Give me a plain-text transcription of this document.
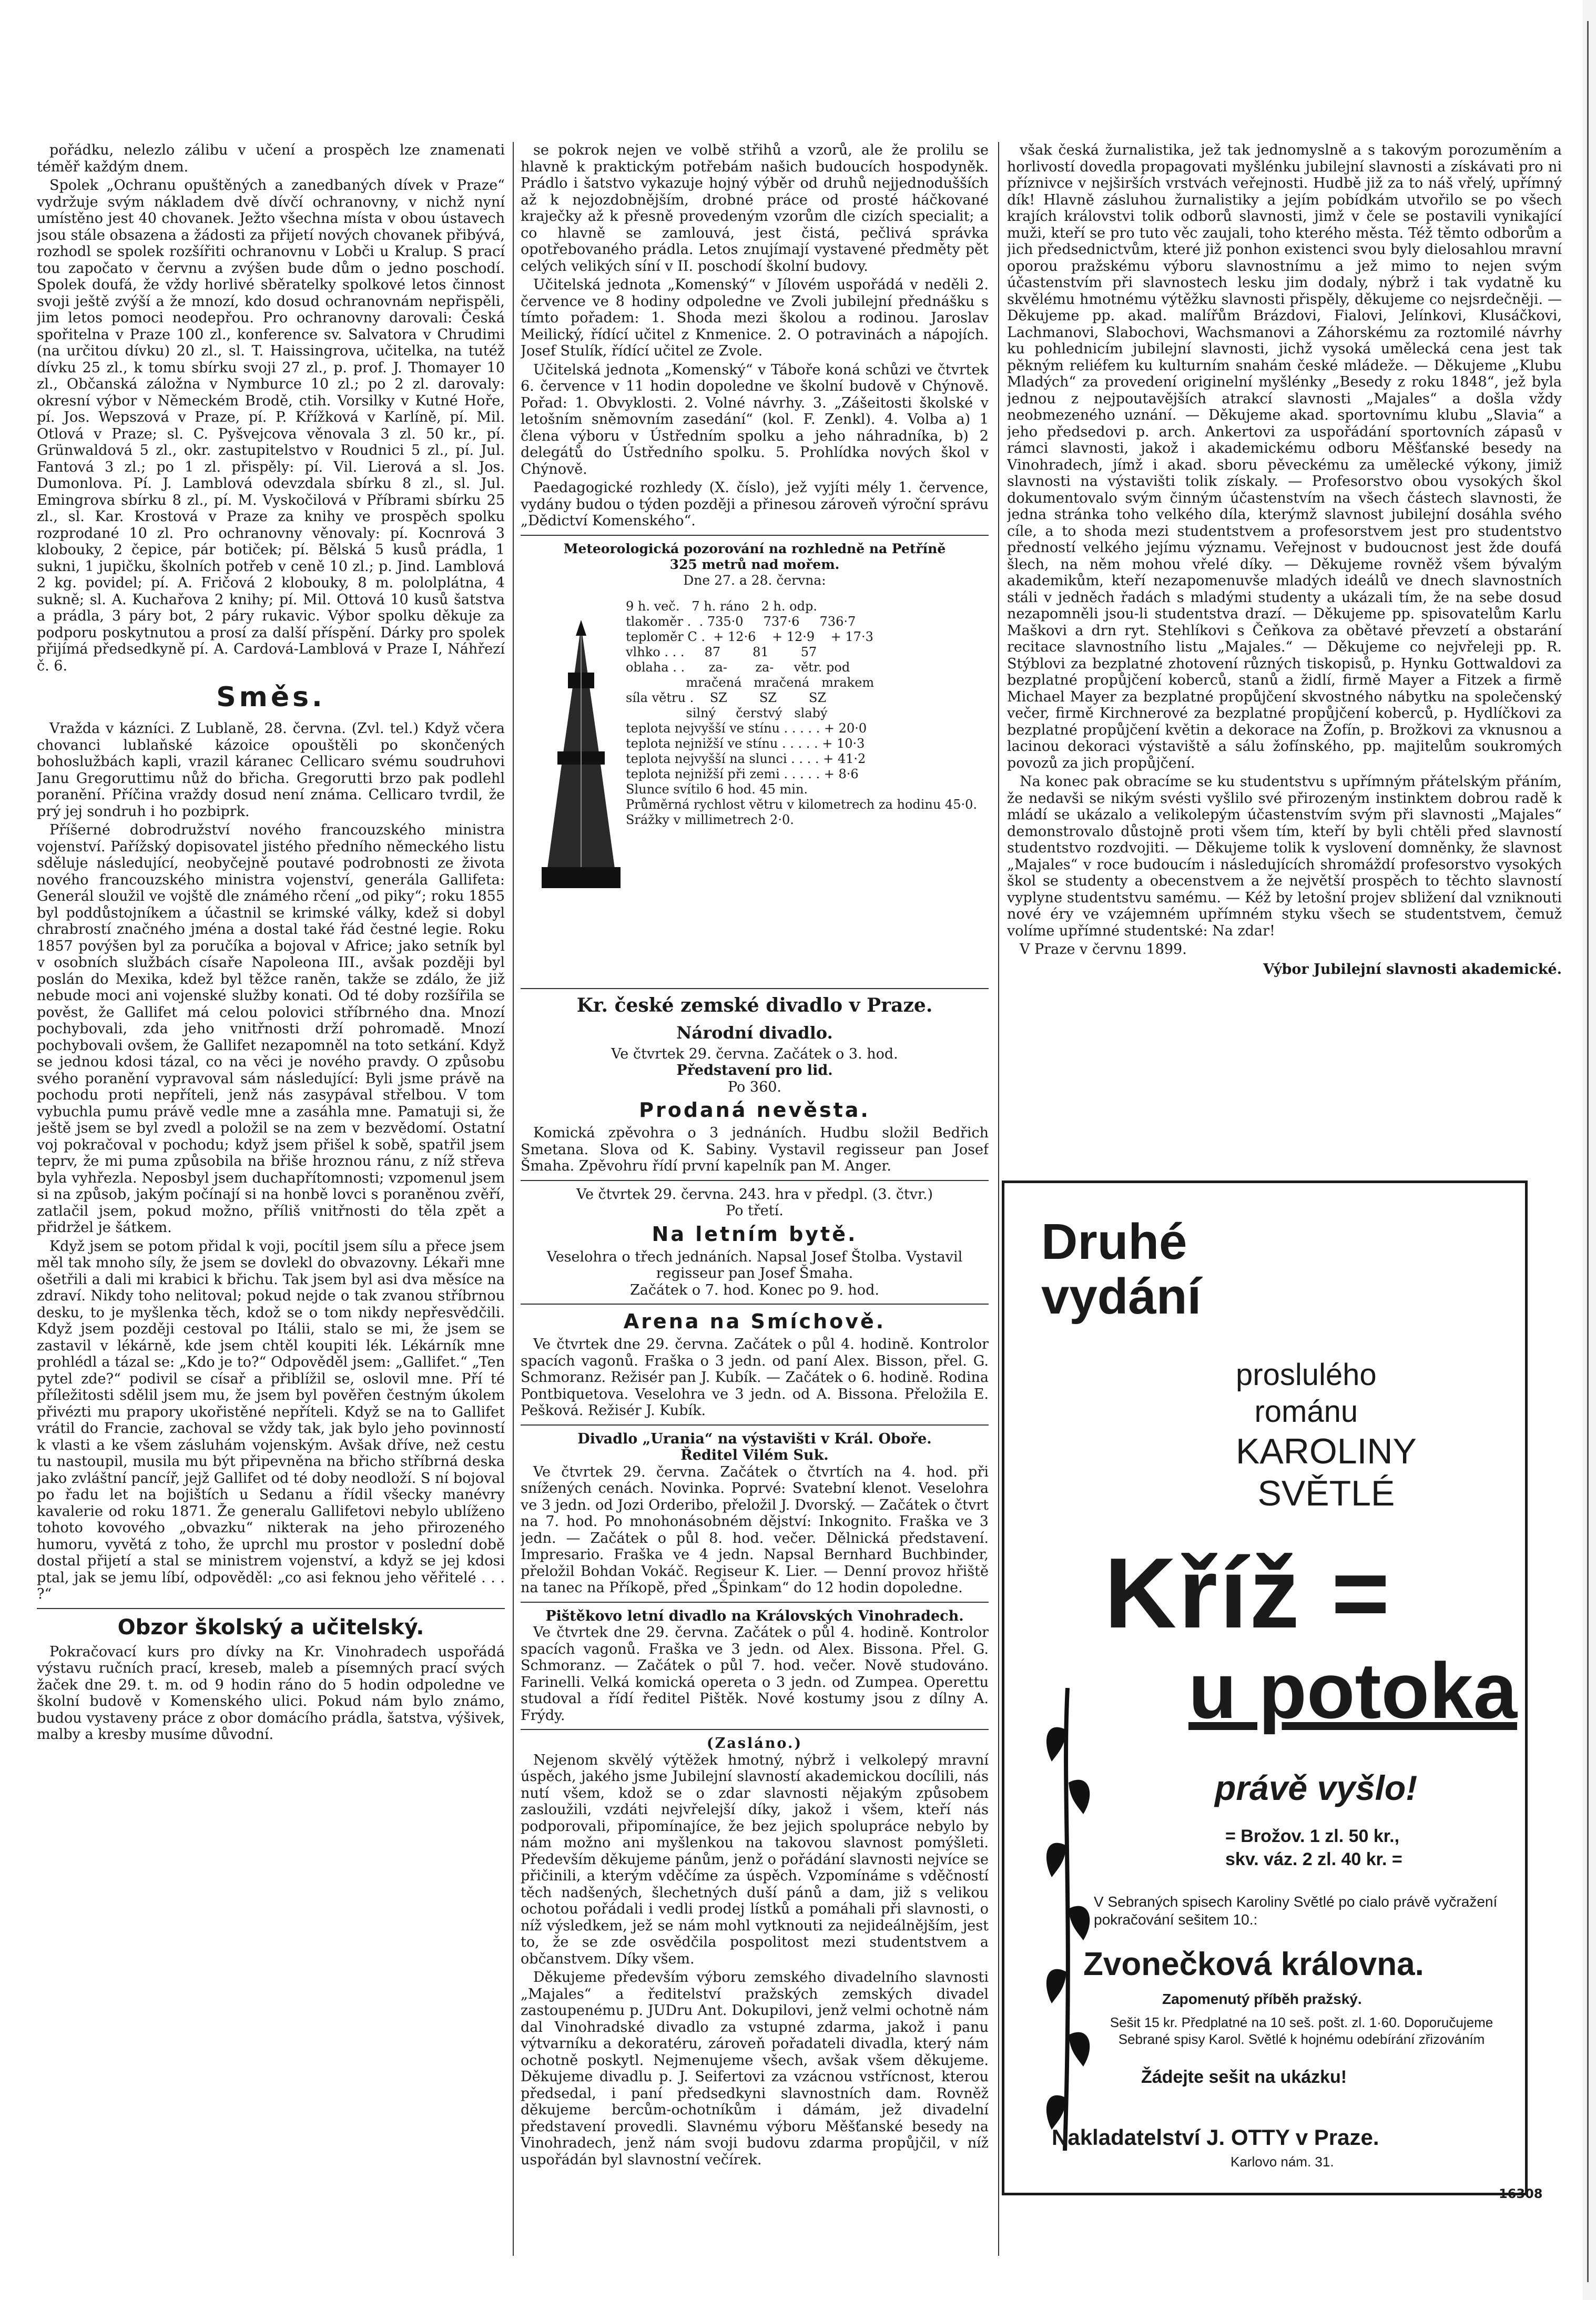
pořádku, nelezlo zálibu v učení a prospěch lze znamenati téměř každým dnem.

Spolek „Ochranu opuštěných a zanedbaných dívek v Praze“ vydržuje svým nákladem dvě dívčí ochranovny, v nichž nyní umístěno jest 40 chovanek. Ježto všechna místa v obou ústavech jsou stále obsazena a žádosti za přijetí nových chovanek přibývá, rozhodl se spolek rozšířiti ochranovnu v Lobči u Kralup. S prací tou započato v červnu a zvýšen bude dům o jedno poschodí. Spolek doufá, že vždy horlivé sběratelky spolkové letos činnost svoji ještě zvýší a že mnozí, kdo dosud ochranovnám nepřispěli, jim letos pomoci neodepřou. Pro ochranovny darovali: Česká spořitelna v Praze 100 zl., konference sv. Salvatora v Chrudimi (na určitou dívku) 20 zl., sl. T. Haissingrova, učitelka, na tutéž dívku 25 zl., k tomu sbírku svoji 27 zl., p. prof. J. Thomayer 10 zl., Občanská záložna v Nymburce 10 zl.; po 2 zl. darovaly: okresní výbor v Německém Brodě, ctih. Vorsilky v Kutné Hoře, pí. Jos. Wepszová v Praze, pí. P. Křížková v Karlíně, pí. Mil. Otlová v Praze; sl. C. Pyšvejcova věnovala 3 zl. 50 kr., pí. Grünwaldová 5 zl., okr. zastupitelstvo v Roudnici 5 zl., pí. Jul. Fantová 3 zl.; po 1 zl. přispěly: pí. Vil. Lierová a sl. Jos. Dumonlova. Pí. J. Lamblová odevzdala sbírku 8 zl., sl. Jul. Emingrova sbírku 8 zl., pí. M. Vyskočilová v Příbrami sbírku 25 zl., sl. Kar. Krostová v Praze za knihy ve prospěch spolku rozprodané 10 zl. Pro ochranovny věnovaly: pí. Kocnrová 3 klobouky, 2 čepice, pár botiček; pí. Bělská 5 kusů prádla, 1 sukni, 1 jupičku, školních potřeb v ceně 10 zl.; p. Jind. Lamblová 2 kg. povidel; pí. A. Fričová 2 klobouky, 8 m. pololplátna, 4 sukně; sl. A. Kuchařova 2 knihy; pí. Mil. Ottová 10 kusů šatstva a prádla, 3 páry bot, 2 páry rukavic. Výbor spolku děkuje za podporu poskytnutou a prosí za další příspění. Dárky pro spolek přijímá předsedkyně pí. A. Cardová-Lamblová v Praze I, Náhřezí č. 6.

Směs.

Vražda v kázníci. Z Lublaně, 28. června. (Zvl. tel.) Když včera chovanci lublaňské kázoice opouštěli po skončených bohoslužbách kapli, vrazil káranec Cellicaro svému soudruhovi Janu Gregoruttimu nůž do břicha. Gregorutti brzo pak podlehl poranění. Příčina vraždy dosud není známa. Cellicaro tvrdil, že prý jej sondruh i ho pozbiprk.

Příšerné dobrodružství nového francouzského ministra vojenství. Pařížský dopisovatel jistého předního německého listu sděluje následující, neobyčejně poutavé podrobnosti ze života nového francouzského ministra vojenství, generála Gallifeta: Generál sloužil ve vojště dle známého rčení „od piky“; roku 1855 byl poddůstojníkem a účastnil se krimské války, kdež si dobyl chrabrostí značného jména a dostal také řád čestné legie. Roku 1857 povýšen byl za poručíka a bojoval v Africe; jako setník byl v osobních službách císaře Napoleona III., avšak později byl poslán do Mexika, kdež byl těžce raněn, takže se zdálo, že již nebude moci ani vojenské služby konati. Od té doby rozšířila se pověst, že Gallifet má celou polovici stříbrného dna. Mnozí pochybovali, zda jeho vnitřnosti drží pohromadě. Mnozí pochybovali ovšem, že Gallifet nezapomněl na toto setkání. Když se jednou kdosi tázal, co na věci je nového pravdy. O způsobu svého poranění vypravoval sám následující: Byli jsme právě na pochodu proti nepříteli, jenž nás zasypával střelbou. V tom vybuchla pumu právě vedle mne a zasáhla mne. Pamatuji si, že ještě jsem se byl zvedl a položil se na zem v bezvědomí. Ostatní voj pokračoval v pochodu; když jsem přišel k sobě, spatřil jsem teprv, že mi puma způsobila na břiše hroznou ránu, z níž střeva byla vyhřezla. Neposbyl jsem duchapřítomnosti; vzpomenul jsem si na způsob, jakým počínají si na honbě lovci s poraněnou zvěří, zatlačil jsem, pokud možno, příliš vnitřnosti do těla zpět a přidržel je šátkem.

Když jsem se potom přidal k voji, pocítil jsem sílu a přece jsem měl tak mnoho síly, že jsem se dovlekl do obvazovny. Lékaři mne ošetřili a dali mi krabici k břichu. Tak jsem byl asi dva měsíce na zdraví. Nikdy toho nelitoval; pokud nejde o tak zvanou stříbrnou desku, to je myšlenka těch, kdož se o tom nikdy nepřesvědčili. Když jsem později cestoval po Itálii, stalo se mi, že jsem se zastavil v lékárně, kde jsem chtěl koupiti lék. Lékárník mne prohlédl a tázal se: „Kdo je to?“ Odpověděl jsem: „Gallifet.“ „Ten pytel zde?“ podivil se císař a přiblížil se, oslovil mne. Pří té příležitosti sdělil jsem mu, že jsem byl pověřen čestným úkolem přivézti mu prapory ukořistěné nepříteli. Když se na to Gallifet vrátil do Francie, zachoval se vždy tak, jak bylo jeho povinností k vlasti a ke všem zásluhám vojenským. Avšak dříve, než cestu tu nastoupil, musila mu být připevněna na břicho stříbrná deska jako zvláštní pancíř, jejž Gallifet od té doby neodloží. S ní bojoval po řadu let na bojištích u Sedanu a řídil všecky manévry kavalerie od roku 1871. Že generalu Gallifetovi nebylo ublíženo tohoto kovového „obvazku“ nikterak na jeho přirozeného humoru, vyvětá z toho, že uprchl mu prostor v poslední době dostal přijetí a stal se ministrem vojenství, a když se jej kdosi ptal, jak se jemu líbí, odpověděl: „co asi feknou jeho věřitelé . . . ?“

Obzor školský a učitelský.

Pokračovací kurs pro dívky na Kr. Vinohradech uspořádá výstavu ručních prací, kreseb, maleb a písemných prací svých žaček dne 29. t. m. od 9 hodin ráno do 5 hodin odpoledne ve školní budově v Komenského ulici. Pokud nám bylo známo, budou vystaveny práce z obor domácího prádla, šatstva, výšivek, malby a kresby musíme důvodní.

se pokrok nejen ve volbě střihů a vzorů, ale že prolilu se hlavně k praktickým potřebám našich budoucích hospodyněk. Prádlo i šatstvo vykazuje hojný výběr od druhů nejjednodušších až k nejozdobnějším, drobné práce od prosté háčkované kraječky až k přesně provedeným vzorům dle cizích specialit; a co hlavně se zamlouvá, jest čistá, pečlivá správka opotřebovaného prádla. Letos znujímají vystavené předměty pět celých velikých síní v II. poschodí školní budovy.

Učitelská jednota „Komenský“ v Jílovém uspořádá v neděli 2. července ve 8 hodiny odpoledne ve Zvoli jubilejní přednášku s tímto pořadem: 1. Shoda mezi školou a rodinou. Jaroslav Meilický, řídící učitel z Knmenice. 2. O potravinách a nápojích. Josef Stulík, řídící učitel ze Zvole.

Učitelská jednota „Komenský“ v Táboře koná schůzi ve čtvrtek 6. července v 11 hodin dopoledne ve školní budově v Chýnově. Pořad: 1. Obvyklosti. 2. Volné návrhy. 3. „Zášeitosti školské v letošním sněmovním zasedání“ (kol. F. Zenkl). 4. Volba a) 1 člena výboru v Ústředním spolku a jeho náhradníka, b) 2 delegátů do Ústředního spolku. 5. Prohlídka nových škol v Chýnově.

Paedagogické rozhledy (X. číslo), jež vyjíti mély 1. července, vydány budou o týden později a přinesou zároveň výroční správu „Dědictví Komenského“.

Meteorologická pozorování na rozhledně na Petříně
325 metrů nad mořem.
Dne 27. a 28. června:
9 h. več.   7 h. ráno   2 h. odp.
tlakoměr .  . 735·0     737·6     736·7
teploměr C .  + 12·6    + 12·9    + 17·3
vlhko . . .     87        81        57
oblaha . .      za-       za-     větr. pod
mračená   mračená   mrakem
síla větru .    SZ        SZ        SZ
silný     čerstvý   slabý
teplota nejvyšší ve stínu . . . . . + 20·0
teplota nejnižší ve stínu . . . . . + 10·3
teplota nejvyšší na slunci . . . . + 41·2
teplota nejnižší při zemi . . . . . + 8·6
Slunce svítilo 6 hod. 45 min.
Průměrná rychlost větru v kilometrech za hodinu 45·0.
Srážky v millimetrech 2·0.
Kr. české zemské divadlo v Praze.
Národní divadlo.
Ve čtvrtek 29. června. Začátek o 3. hod.
Představení pro lid.
Po 360.
Prodaná nevěsta.

Komická zpěvohra o 3 jednáních. Hudbu složil Bedřich Smetana. Slova od K. Sabiny. Vystavil regisseur pan Josef Šmaha. Zpěvohru řídí první kapelník pan M. Anger.

Ve čtvrtek 29. června. 243. hra v předpl. (3. čtvr.)
Po třetí.
Na letním bytě.
Veselohra o třech jednáních. Napsal Josef Štolba. Vystavil regisseur pan Josef Šmaha.
Začátek o 7. hod. Konec po 9. hod.
Arena na Smíchově.

Ve čtvrtek dne 29. června. Začátek o půl 4. hodině. Kontrolor spacích vagonů. Fraška o 3 jedn. od paní Alex. Bisson, přel. G. Schmoranz. Režisér pan J. Kubík. — Začátek o 6. hodině. Rodina Pontbiquetova. Veselohra ve 3 jedn. od A. Bissona. Přeložila E. Pešková. Režisér J. Kubík.

Divadlo „Urania“ na výstavišti v Král. Oboře.
Ředitel Vilém Suk.

Ve čtvrtek 29. června. Začátek o čtvrtích na 4. hod. při snížených cenách. Novinka. Poprvé: Svatební klenot. Veselohra ve 3 jedn. od Jozi Orderibo, přeložil J. Dvorský. — Začátek o čtvrt na 7. hod. Po mnohonásobném dějství: Inkognito. Fraška ve 3 jedn. — Začátek o půl 8. hod. večer. Dělnická představení. Impresario. Fraška ve 4 jedn. Napsal Bernhard Buchbinder, přeložil Bohdan Vokáč. Regiseur K. Lier. — Denní provoz hřiště na tanec na Příkopě, před „Špinkam“ do 12 hodin dopoledne.

Pištěkovo letní divadlo na Královských Vinohradech.

Ve čtvrtek dne 29. června. Začátek o půl 4. hodině. Kontrolor spacích vagonů. Fraška ve 3 jedn. od Alex. Bissona. Přel. G. Schmoranz. — Začátek o půl 7. hod. večer. Nově studováno. Farinelli. Velká komická opereta o 3 jedn. od Zumpea. Operettu studoval a řídí ředitel Pištěk. Nové kostumy jsou z dílny A. Frýdy.

(Zasláno.)

Nejenom skvělý výtěžek hmotný, nýbrž i velkolepý mravní úspěch, jakého jsme Jubilejní slavností akademickou docílili, nás nutí všem, kdož se o zdar slavnosti nějakým způsobem zasloužili, vzdáti nejvřelejší díky, jakož i všem, kteří nás podporovali, připomínajíce, že bez jejich spolupráce nebylo by nám možno ani myšlenkou na takovou slavnost pomýšleti. Především děkujeme pánům, jenž o pořádání slavnosti nejvíce se přičinili, a kterým vděčíme za úspěch. Vzpomínáme s vděčností těch nadšených, šlechetných duší pánů a dam, již s velikou ochotou pořádali i vedli prodej lístků a pomáhali při slavnosti, o níž výsledkem, jež se nám mohl vytknouti za nejideálnějším, jest to, že se zde osvědčila pospolitost mezi studentstvem a občanstvem. Díky všem.

Děkujeme především výboru zemského divadelního slavnosti „Majales“ a ředitelství pražských zemských divadel zastoupenému p. JUDru Ant. Dokupilovi, jenž velmi ochotně nám dal Vinohradské divadlo za vstupné zdarma, jakož i panu výtvarníku a dekoratéru, zároveň pořadateli divadla, který nám ochotně poskytl. Nejmenujeme všech, avšak všem děkujeme. Děkujeme divadlu p. J. Seifertovi za vzácnou vstřícnost, kterou předsedal, i paní předsedkyni slavnostních dam. Rovněž děkujeme bercům-ochotníkům i dámám, jež divadelní představení provedli. Slavnému výboru Měšťanské besedy na Vinohradech, jenž nám svoji budovu zdarma propůjčil, v níž uspořádán byl slavnostní večírek.

však česká žurnalistika, jež tak jednomyslně a s takovým porozuměním a horlivostí dovedla propagovati myšlénku jubilejní slavnosti a získávati pro ni příznivce v nejširších vrstvách veřejnosti. Hudbě již za to náš vřelý, upřímný dík! Hlavně zásluhou žurnalistiky a jejím pobídkám utvořilo se po všech krajích královstvi tolik odborů slavnosti, jimž v čele se postavili vynikající muži, kteří se pro tuto věc zaujali, toho kterého města. Též těmto odborům a jich předsednictvům, které již ponhon existenci svou byly dielosahlou mravní oporou pražskému výboru slavnostnímu a jež mimo to nejen svým účastenstvím při slavnostech lesku jim dodaly, nýbrž i tak vydatně ku skvělému hmotnému výtěžku slavnosti přispěly, děkujeme co nejsrdečněji. — Děkujeme pp. akad. malířům Brázdovi, Fialovi, Jelínkovi, Klusáčkovi, Lachmanovi, Slabochovi, Wachsmanovi a Záhorskému za roztomilé návrhy ku pohlednicím jubilejní slavnosti, jichž vysoká umělecká cena jest tak pěkným reliéfem ku kulturním snahám české mládeže. — Děkujeme „Klubu Mladých“ za provedení originelní myšlénky „Besedy z roku 1848“, jež byla jednou z nejpoutavějších atrakcí slavnosti „Majales“ a došla vždy neobmezeného uznání. — Děkujeme akad. sportovnímu klubu „Slavia“ a jeho předsedovi p. arch. Ankertovi za uspořádání sportovních zápasů v rámci slavnosti, jakož i akademickému odboru Měšťanské besedy na Vinohradech, jímž i akad. sboru pěveckému za umělecké výkony, jimiž slavnosti na výstavišti tolik získaly. — Profesorstvo obou vysokých škol dokumentovalo svým činným účastenstvím na všech částech slavnosti, že jedna stránka toho velkého díla, kterýmž slavnost jubilejní dosáhla svého cíle, a to shoda mezi studentstvem a profesorstvem jest pro studentstvo předností velkého jejímu významu. Veřejnost v budoucnost jest žde doufá šlech, na něm mohou vřelé díky. — Děkujeme rovněž všem bývalým akademikům, kteří nezapomenuvše mladých ideálů ve dnech slavnostních stáli v jedněch řadách s mladými studenty a ukázali tím, že na sebe dosud nezapomněli jsou-li studentstva drazí. — Děkujeme pp. spisovatelům Karlu Maškovi a drn ryt. Stehlíkovi s Čeňkova za obětavé převzetí a obstarání recitace slavnostního listu „Majales.“ — Děkujeme co nejvřeleji pp. R. Stýblovi za bezplatné zhotovení různých tiskopisů, p. Hynku Gottwaldovi za bezplatné propůjčení koberců, stanů a židlí, firmě Mayer a Fitzek a firmě Michael Mayer za bezplatné propůjčení skvostného nábytku na společenský večer, firmě Kirchnerové za bezplatné propůjčení koberců, p. Hydlíčkovi za bezplatné propůjčení květin a dekorace na Žofín, p. Brožkovi za vknusnou a lacinou dekoraci výstaviště a sálu žofínského, pp. majitelům soukromých povozů za jich propůjčení.

Na konec pak obracíme se ku studentstvu s upřímným přátelským přáním, že nedavši se nikým svésti vyšlilo své přirozeným instinktem dobrou radě k mládí se ukázalo a velikolepým účastenstvím svým při slavnosti „Majales“ demonstrovalo důstojně proti všem tím, kteří by byli chtěli před slavností studentstvo rozdvojiti. — Děkujeme tolik k vyslovení domněnky, že slavnost „Majales“ v roce budoucím i následujících shromáždí profesorstvo vysokých škol se studenty a obecenstvem a že největší prospěch to těchto slavností vyplyne studentstvu samému. — Kéž by letošní projev sbližení dal vzniknouti nové éry ve vzájemném upřímném styku všech se studentstvem, čemuž volíme upřímné studentské: Na zdar!

V Praze v červnu 1899.

Výbor Jubilejní slavnosti akademické.
Druhé
vydání
proslulého
románu
KAROLINY
SVĚTLÉ
Kříž =
u potoka
právě vyšlo!
= Brožov. 1 zl. 50 kr.,
skv. váz. 2 zl. 40 kr. =
V Sebraných spisech Karoliny Světlé po cialo právě vyčražení pokračování sešitem 10.:
Zvonečková královna.
Zapomenutý příběh pražský.
Sešit 15 kr. Předplatné na 10 seš. pošt. zl. 1·60. Doporučujeme Sebrané spisy Karol. Světlé k hojnému odebírání zřizováním
Žádejte sešit na ukázku!
Nakladatelství J. OTTY v Praze.
Karlovo nám. 31.
16308
